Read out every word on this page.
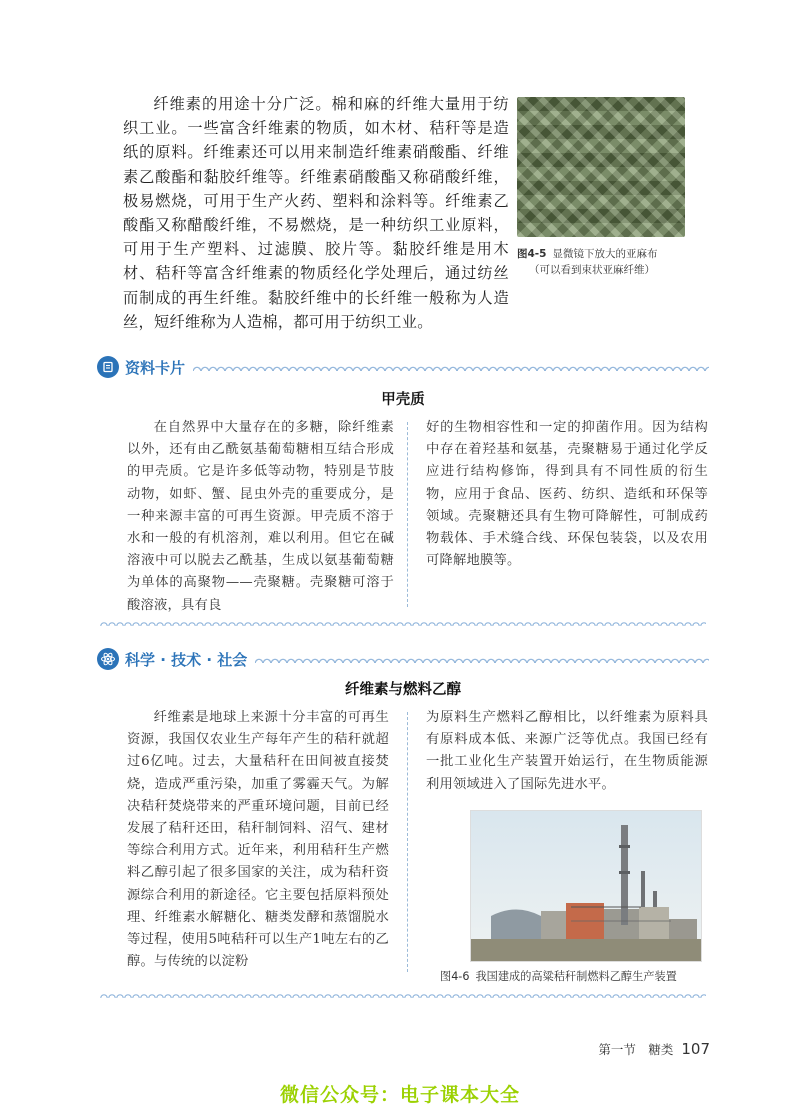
纤维素的用途十分广泛。棉和麻的纤维大量用于纺织工业。一些富含纤维素的物质，如木材、秸秆等是造纸的原料。纤维素还可以用来制造纤维素硝酸酯、纤维素乙酸酯和黏胶纤维等。纤维素硝酸酯又称硝酸纤维，极易燃烧，可用于生产火药、塑料和涂料等。纤维素乙酸酯又称醋酸纤维，不易燃烧，是一种纺织工业原料，可用于生产塑料、过滤膜、胶片等。黏胶纤维是用木材、秸秆等富含纤维素的物质经化学处理后，通过纺丝而制成的再生纤维。黏胶纤维中的长纤维一般称为人造丝，短纤维称为人造棉，都可用于纺织工业。

图4-5 显微镜下放大的亚麻布
（可以看到束状亚麻纤维）
资料卡片
甲壳质

在自然界中大量存在的多糖，除纤维素以外，还有由乙酰氨基葡萄糖相互结合形成的甲壳质。它是许多低等动物，特别是节肢动物，如虾、蟹、昆虫外壳的重要成分，是一种来源丰富的可再生资源。甲壳质不溶于水和一般的有机溶剂，难以利用。但它在碱溶液中可以脱去乙酰基，生成以氨基葡萄糖为单体的高聚物——壳聚糖。壳聚糖可溶于酸溶液，具有良

好的生物相容性和一定的抑菌作用。因为结构中存在着羟基和氨基，壳聚糖易于通过化学反应进行结构修饰，得到具有不同性质的衍生物，应用于食品、医药、纺织、造纸和环保等领域。壳聚糖还具有生物可降解性，可制成药物载体、手术缝合线、环保包装袋，以及农用可降解地膜等。

科学 · 技术 · 社会
纤维素与燃料乙醇

纤维素是地球上来源十分丰富的可再生资源，我国仅农业生产每年产生的秸秆就超过6亿吨。过去，大量秸秆在田间被直接焚烧，造成严重污染，加重了雾霾天气。为解决秸秆焚烧带来的严重环境问题，目前已经发展了秸秆还田，秸秆制饲料、沼气、建材等综合利用方式。近年来，利用秸秆生产燃料乙醇引起了很多国家的关注，成为秸秆资源综合利用的新途径。它主要包括原料预处理、纤维素水解糖化、糖类发酵和蒸馏脱水等过程，使用5吨秸秆可以生产1吨左右的乙醇。与传统的以淀粉

为原料生产燃料乙醇相比，以纤维素为原料具有原料成本低、来源广泛等优点。我国已经有一批工业化生产装置开始运行，在生物质能源利用领域进入了国际先进水平。

图4-6 我国建成的高粱秸秆制燃料乙醇生产装置
第一节　糖类 107
微信公众号：电子课本大全
